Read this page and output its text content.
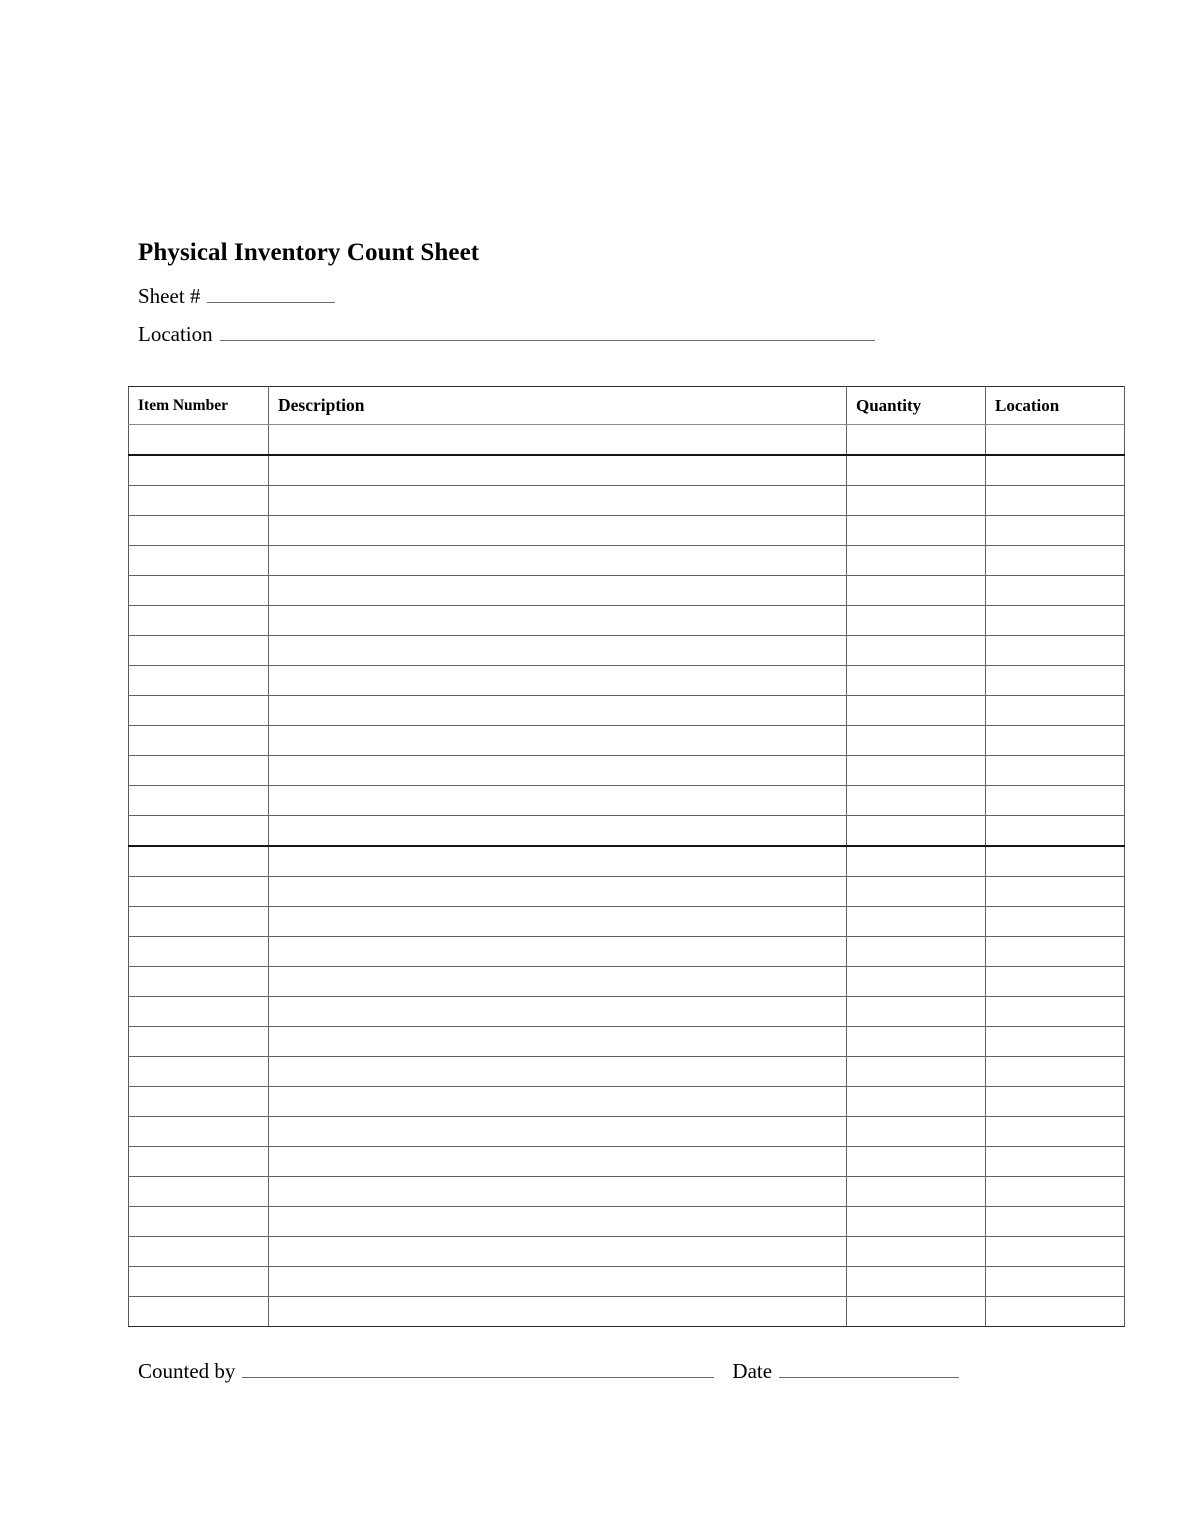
Physical Inventory Count Sheet
Sheet #
Location
Item Number	Description	Quantity	Location

Counted by	Date
